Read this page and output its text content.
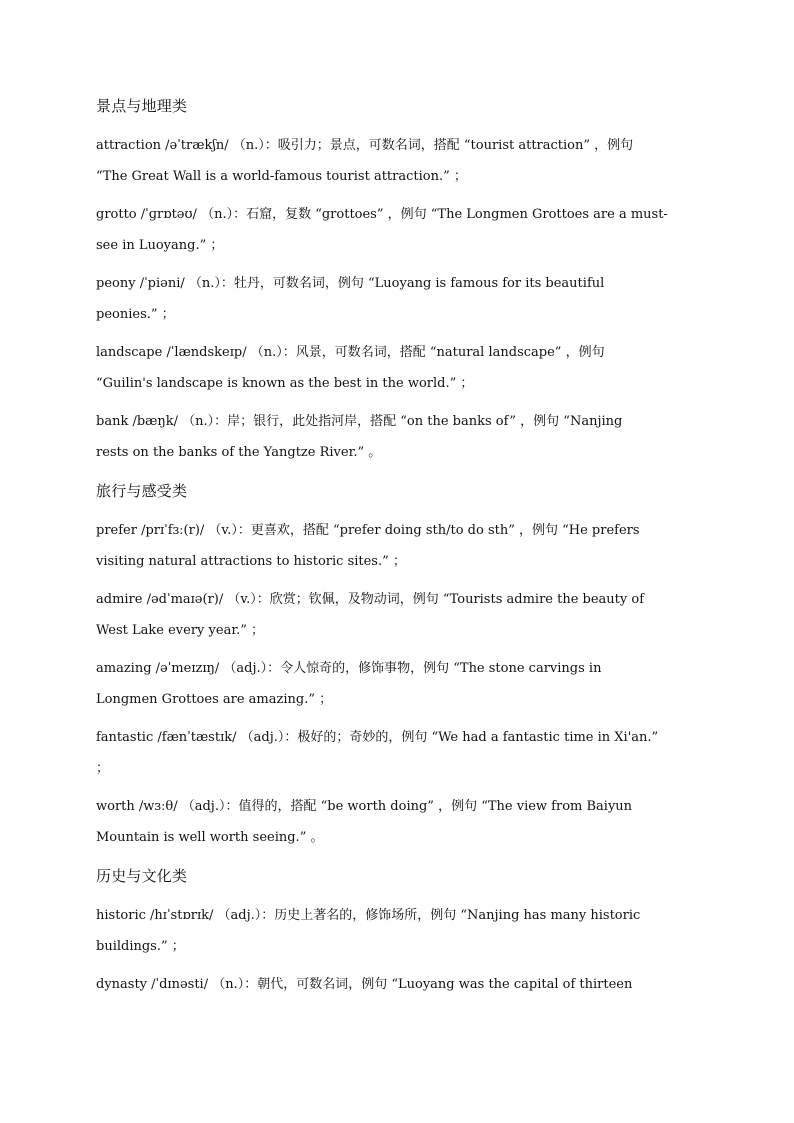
景点与地理类
attraction /əˈtrækʃn/ （n.）：吸引力；景点，可数名词，搭配 “tourist attraction” ，例句
“The Great Wall is a world-famous tourist attraction.” ；
grotto /ˈɡrɒtəʊ/ （n.）：石窟，复数 “grottoes” ，例句 “The Longmen Grottoes are a must-
see in Luoyang.” ；
peony /ˈpiəni/ （n.）：牡丹，可数名词，例句 “Luoyang is famous for its beautiful
peonies.” ；
landscape /ˈlændskeɪp/ （n.）：风景，可数名词，搭配 “natural landscape” ，例句
“Guilin's landscape is known as the best in the world.” ；
bank /bæŋk/ （n.）：岸；银行，此处指河岸，搭配 “on the banks of” ，例句 “Nanjing
rests on the banks of the Yangtze River.” 。
旅行与感受类
prefer /prɪˈfɜː(r)/ （v.）：更喜欢，搭配 “prefer doing sth/to do sth” ，例句 “He prefers
visiting natural attractions to historic sites.” ；
admire /ədˈmaɪə(r)/ （v.）：欣赏；钦佩，及物动词，例句 “Tourists admire the beauty of
West Lake every year.” ；
amazing /əˈmeɪzɪŋ/ （adj.）：令人惊奇的，修饰事物，例句 “The stone carvings in
Longmen Grottoes are amazing.” ；
fantastic /fænˈtæstɪk/ （adj.）：极好的；奇妙的，例句 “We had a fantastic time in Xi'an.”
；
worth /wɜːθ/ （adj.）：值得的，搭配 “be worth doing” ，例句 “The view from Baiyun
Mountain is well worth seeing.” 。
历史与文化类
historic /hɪˈstɒrɪk/ （adj.）：历史上著名的，修饰场所，例句 “Nanjing has many historic
buildings.” ；
dynasty /ˈdɪnəsti/ （n.）：朝代，可数名词，例句 “Luoyang was the capital of thirteen
